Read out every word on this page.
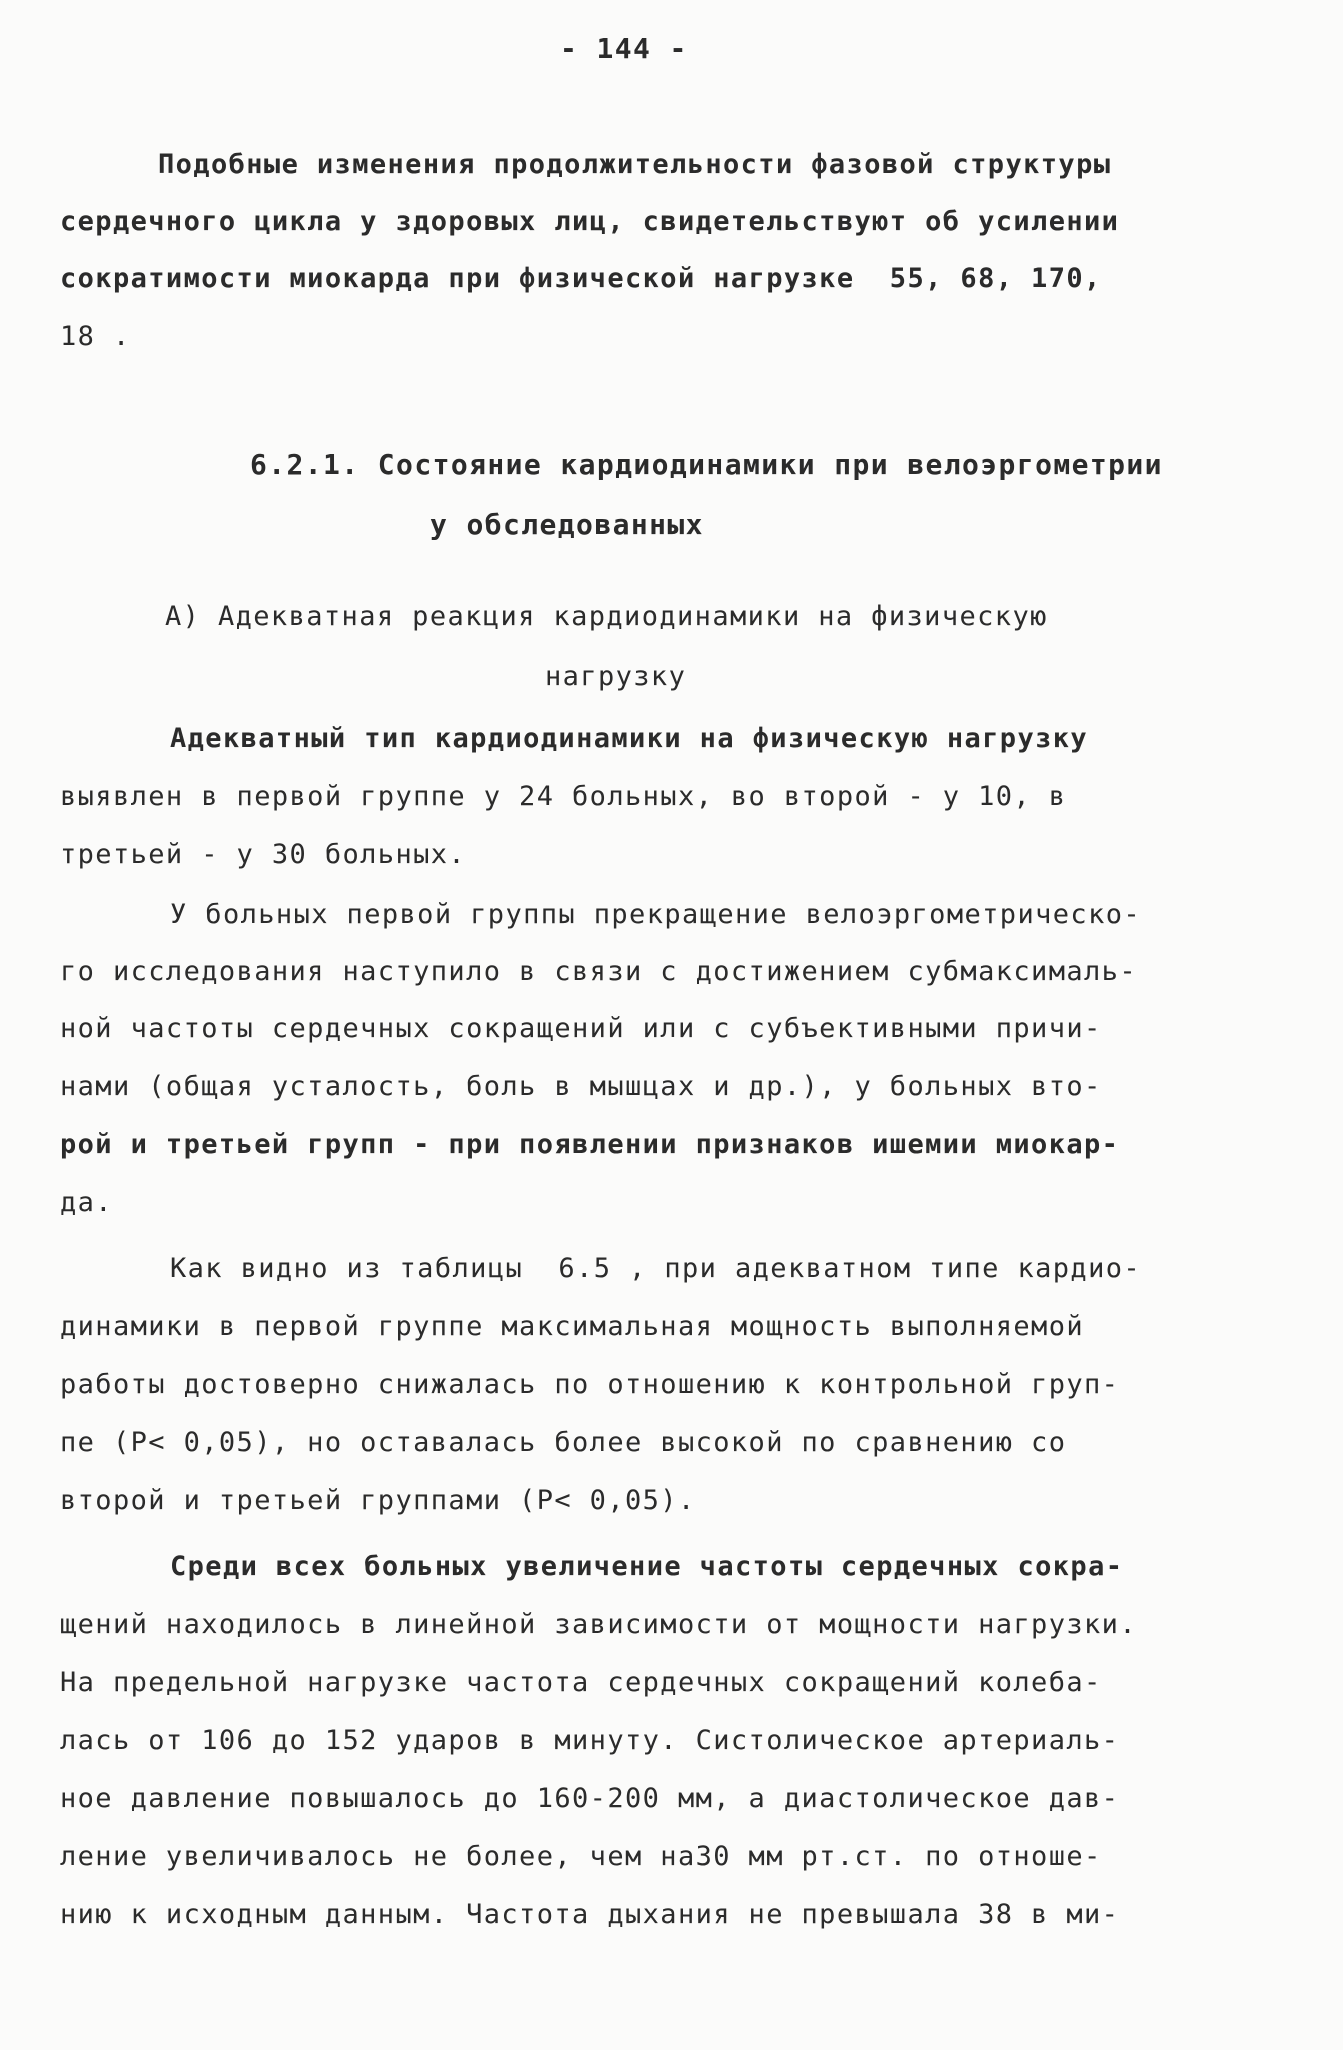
- 144 -
Подобные изменения продолжительности фазовой структуры
сердечного цикла у здоровых лиц, свидетельствуют об усилении
сократимости миокарда при физической нагрузке  55, 68, 170,
18 .
6.2.1. Состояние кардиодинамики при велоэргометрии
у обследованных
А) Адекватная реакция кардиодинамики на физическую
нагрузку
Адекватный тип кардиодинамики на физическую нагрузку
выявлен в первой группе у 24 больных, во второй - у 10, в
третьей - у 30 больных.
У больных первой группы прекращение велоэргометрическо-
го исследования наступило в связи с достижением субмаксималь-
ной частоты сердечных сокращений или с субъективными причи-
нами (общая усталость, боль в мышцах и др.), у больных вто-
рой и третьей групп - при появлении признаков ишемии миокар-
да.
Как видно из таблицы  6.5 , при адекватном типе кардио-
динамики в первой группе максимальная мощность выполняемой
работы достоверно снижалась по отношению к контрольной груп-
пе (Р< 0,05), но оставалась более высокой по сравнению со
второй и третьей группами (Р< 0,05).
Среди всех больных увеличение частоты сердечных сокра-
щений находилось в линейной зависимости от мощности нагрузки.
На предельной нагрузке частота сердечных сокращений колеба-
лась от 106 до 152 ударов в минуту. Систолическое артериаль-
ное давление повышалось до 160-200 мм, а диастолическое дав-
ление увеличивалось не более, чем на30 мм рт.ст. по отноше-
нию к исходным данным. Частота дыхания не превышала 38 в ми-
